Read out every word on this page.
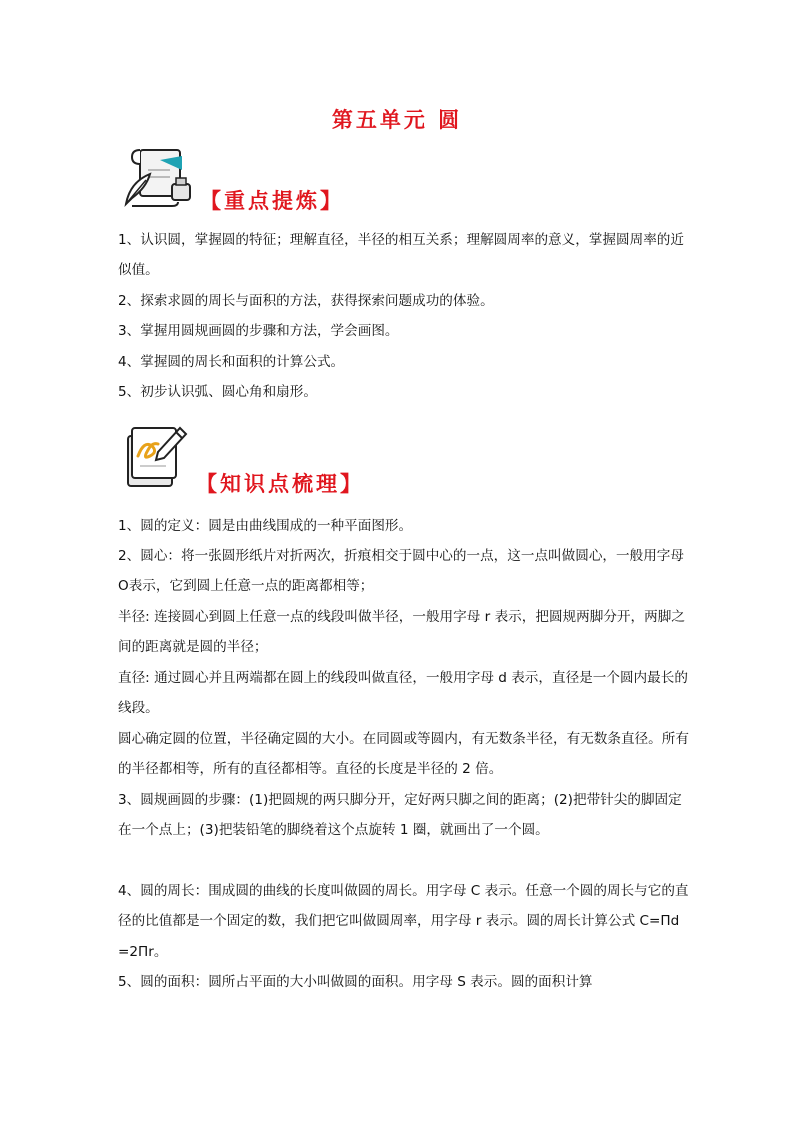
第五单元 圆
【重点提炼】

1、认识圆，掌握圆的特征；理解直径，半径的相互关系；理解圆周率的意义，掌握圆周率的近似值。

2、探索求圆的周长与面积的方法，获得探索问题成功的体验。

3、掌握用圆规画圆的步骤和方法，学会画图。

4、掌握圆的周长和面积的计算公式。

5、初步认识弧、圆心角和扇形。

【知识点梳理】

1、圆的定义：圆是由曲线围成的一种平面图形。

2、圆心：将一张圆形纸片对折两次，折痕相交于圆中心的一点，这一点叫做圆心，一般用字母O表示，它到圆上任意一点的距离都相等；

半径: 连接圆心到圆上任意一点的线段叫做半径，一般用字母 r 表示，把圆规两脚分开，两脚之间的距离就是圆的半径；

直径: 通过圆心并且两端都在圆上的线段叫做直径，一般用字母 d 表示，直径是一个圆内最长的线段。

圆心确定圆的位置，半径确定圆的大小。在同圆或等圆内，有无数条半径，有无数条直径。所有的半径都相等，所有的直径都相等。直径的长度是半径的 2 倍。

3、圆规画圆的步骤：(1)把圆规的两只脚分开，定好两只脚之间的距离；(2)把带针尖的脚固定在一个点上；(3)把装铅笔的脚绕着这个点旋转 1 圈，就画出了一个圆。

4、圆的周长：围成圆的曲线的长度叫做圆的周长。用字母 C 表示。任意一个圆的周长与它的直径的比值都是一个固定的数，我们把它叫做圆周率，用字母 r 表示。圆的周长计算公式 C=Πd=2Πr。

5、圆的面积：圆所占平面的大小叫做圆的面积。用字母 S 表示。圆的面积计算
